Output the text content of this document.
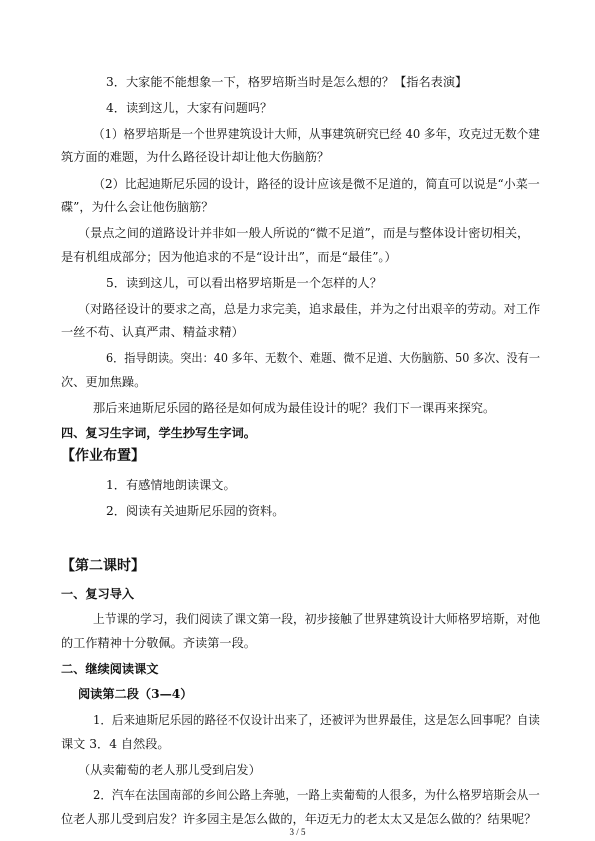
3．大家能不能想象一下，格罗培斯当时是怎么想的？【指名表演】
4．读到这儿，大家有问题吗？
（1）格罗培斯是一个世界建筑设计大师，从事建筑研究已经 40 多年，攻克过无数个建
筑方面的难题，为什么路径设计却让他大伤脑筋？
（2）比起迪斯尼乐园的设计，路径的设计应该是微不足道的，简直可以说是“小菜一
碟”，为什么会让他伤脑筋？
（景点之间的道路设计并非如一般人所说的“微不足道”，而是与整体设计密切相关，
是有机组成部分；因为他追求的不是“设计出”，而是“最佳”。）
5．读到这儿，可以看出格罗培斯是一个怎样的人？
（对路径设计的要求之高，总是力求完美，追求最佳，并为之付出艰辛的劳动。对工作
一丝不苟、认真严肃、精益求精）
6．指导朗读。突出：40 多年、无数个、难题、微不足道、大伤脑筋、50 多次、没有一
次、更加焦躁。
那后来迪斯尼乐园的路径是如何成为最佳设计的呢？我们下一课再来探究。
四、复习生字词，学生抄写生字词。
【作业布置】
1．有感情地朗读课文。
2．阅读有关迪斯尼乐园的资料。
【第二课时】
一、复习导入
上节课的学习，我们阅读了课文第一段，初步接触了世界建筑设计大师格罗培斯，对他
的工作精神十分敬佩。齐读第一段。
二、继续阅读课文
阅读第二段（3—4）
1．后来迪斯尼乐园的路径不仅设计出来了，还被评为世界最佳，这是怎么回事呢？自读
课文 3．4 自然段。
（从卖葡萄的老人那儿受到启发）
2．汽车在法国南部的乡间公路上奔驰，一路上卖葡萄的人很多，为什么格罗培斯会从一
位老人那儿受到启发？许多园主是怎么做的，年迈无力的老太太又是怎么做的？结果呢？
3 / 5
